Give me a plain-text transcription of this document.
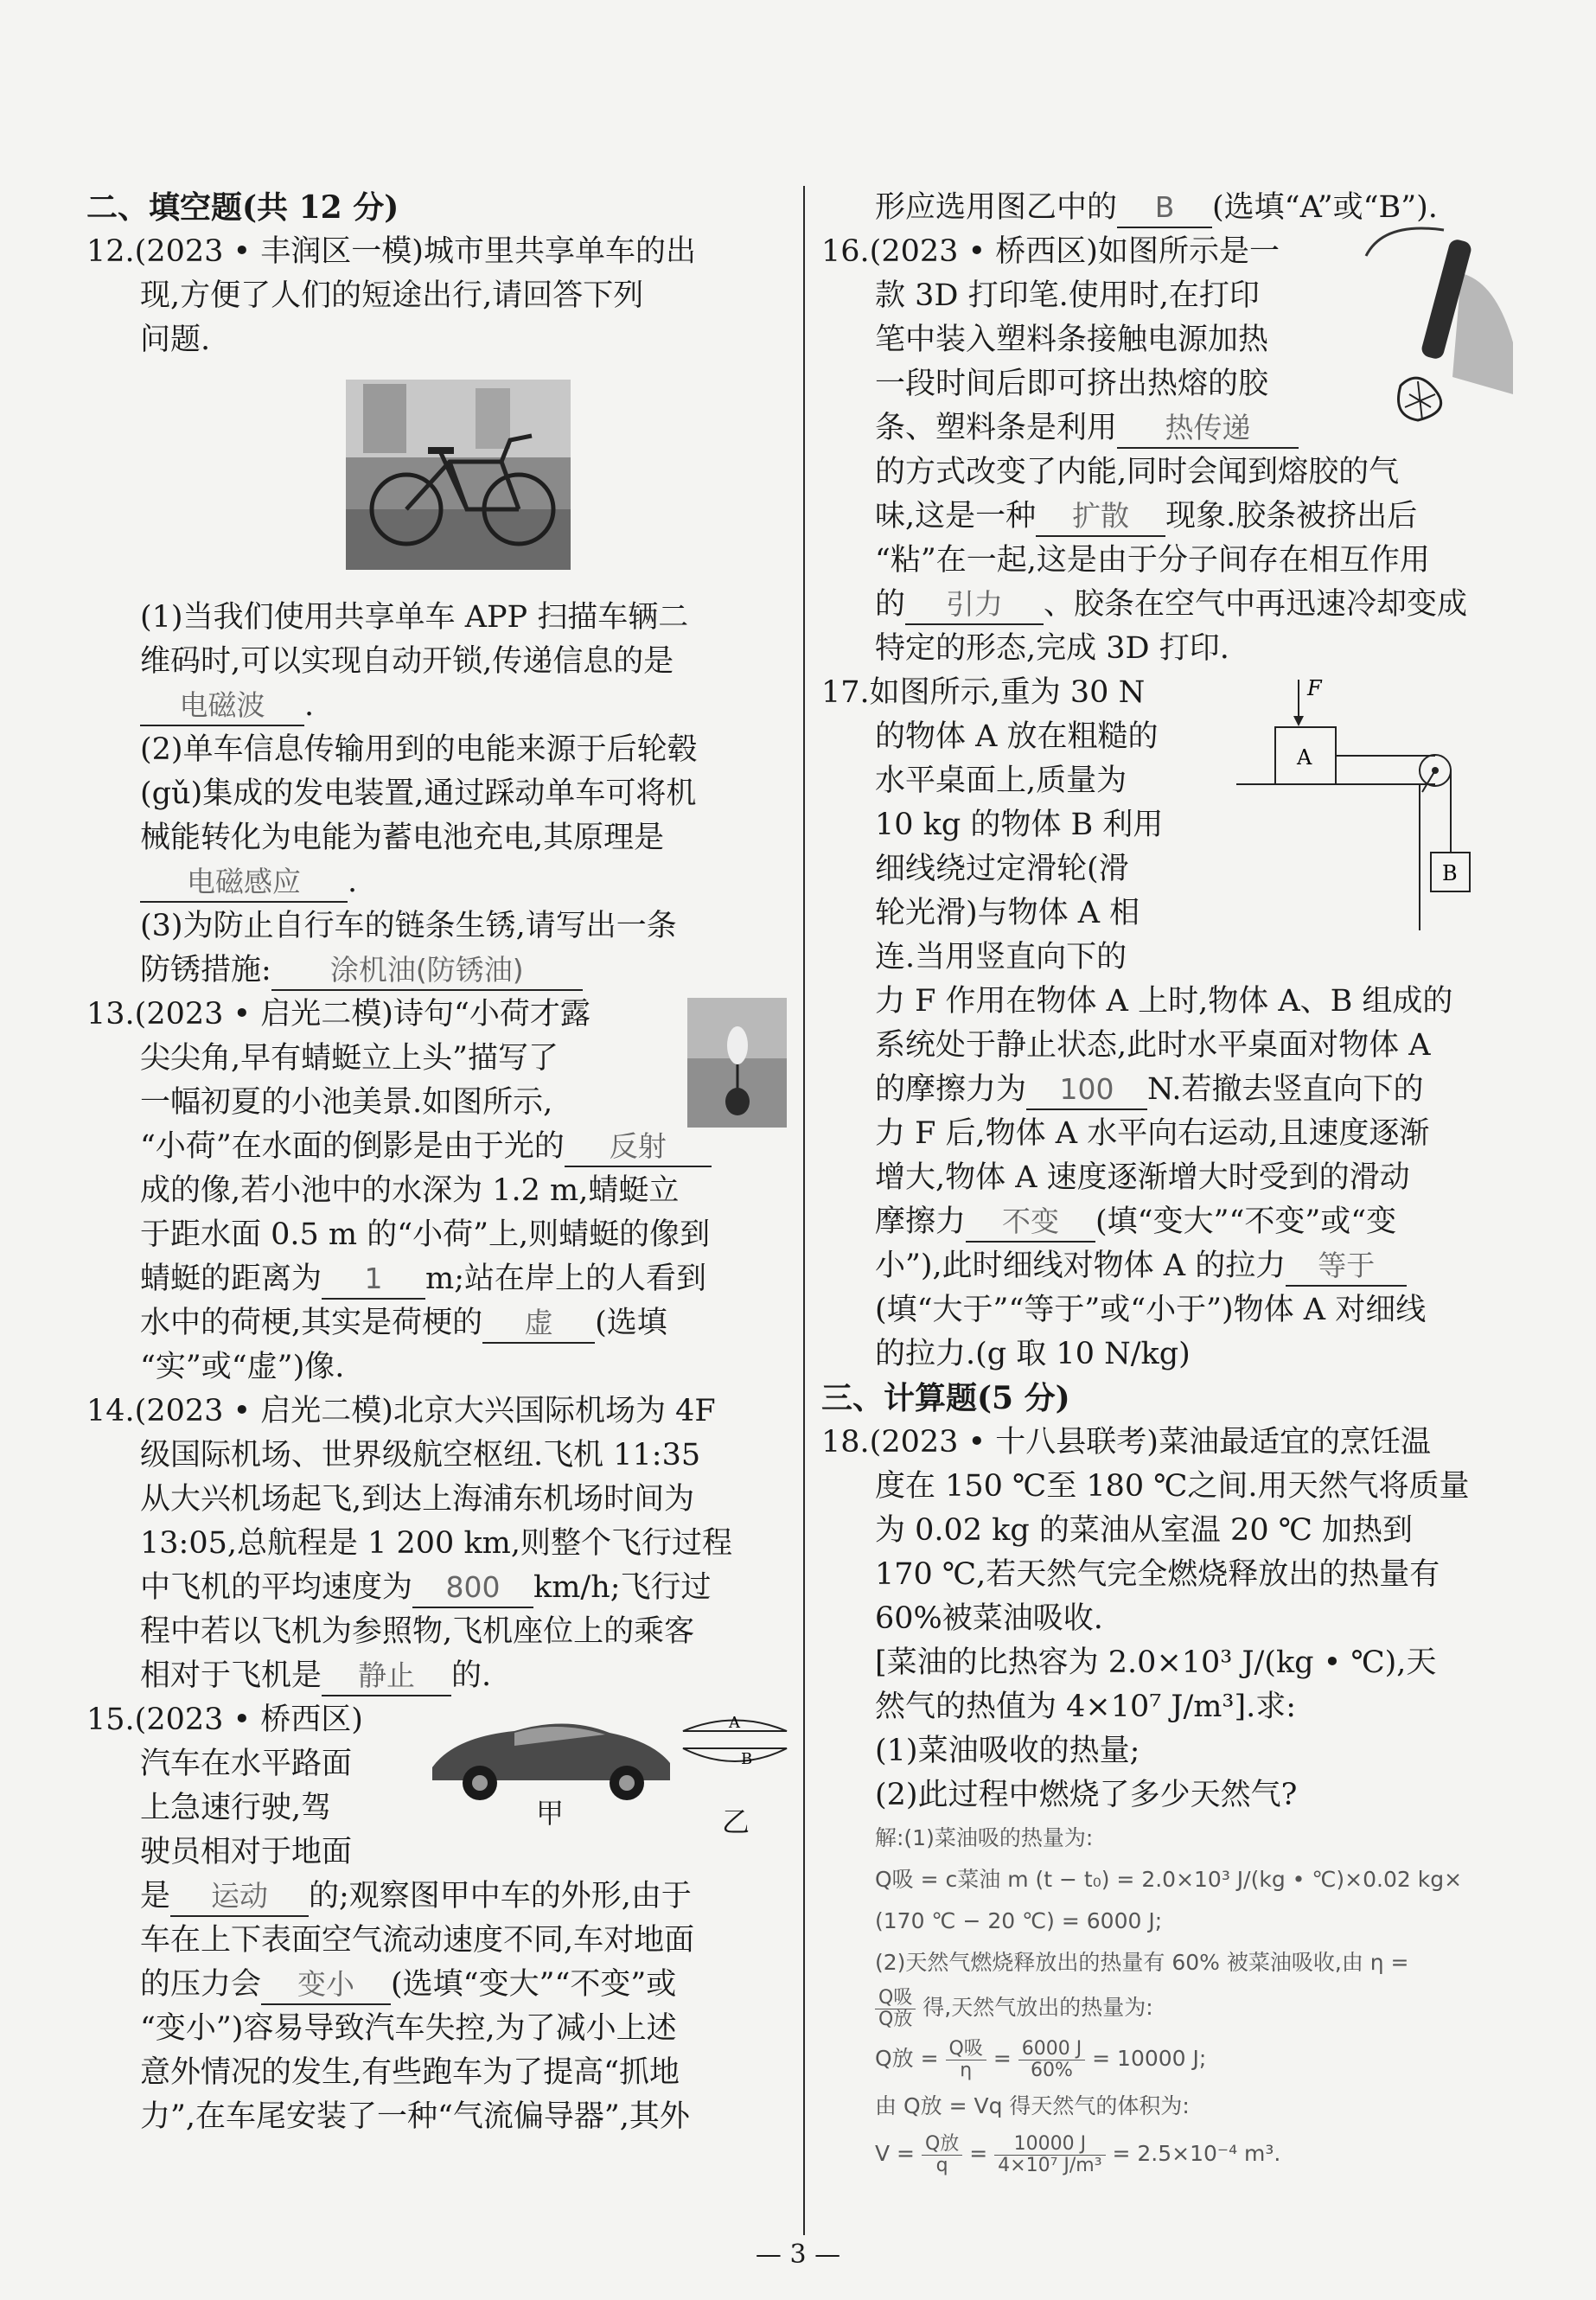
二、填空题(共 12 分)
12.(2023 • 丰润区一模)城市里共享单车的出
现,方便了人们的短途出行,请回答下列
问题.
(1)当我们使用共享单车 APP 扫描车辆二
维码时,可以实现自动开锁,传递信息的是
电磁波 .
(2)单车信息传输用到的电能来源于后轮毂
(gǔ)集成的发电装置,通过踩动单车可将机
械能转化为电能为蓄电池充电,其原理是
电磁感应 .
(3)为防止自行车的链条生锈,请写出一条
防锈措施: 涂机油(防锈油)
13.(2023 • 启光二模)诗句“小荷才露
尖尖角,早有蜻蜓立上头”描写了
一幅初夏的小池美景.如图所示,
“小荷”在水面的倒影是由于光的 反射
成的像,若小池中的水深为 1.2 m,蜻蜓立
于距水面 0.5 m 的“小荷”上,则蜻蜓的像到
蜻蜓的距离为 1 m;站在岸上的人看到
水中的荷梗,其实是荷梗的 虚 (选填
“实”或“虚”)像.
14.(2023 • 启光二模)北京大兴国际机场为 4F
级国际机场、世界级航空枢纽.飞机 11:35
从大兴机场起飞,到达上海浦东机场时间为
13:05,总航程是 1 200 km,则整个飞行过程
中飞机的平均速度为 800 km/h;飞行过
程中若以飞机为参照物,飞机座位上的乘客
相对于飞机是 静止 的.
A
B
甲	乙
15.(2023 • 桥西区)
汽车在水平路面
上急速行驶,驾
驶员相对于地面
是 运动 的;观察图甲中车的外形,由于
车在上下表面空气流动速度不同,车对地面
的压力会 变小 (选填“变大”“不变”或
“变小”)容易导致汽车失控,为了减小上述
意外情况的发生,有些跑车为了提高“抓地
力”,在车尾安装了一种“气流偏导器”,其外
形应选用图乙中的 B (选填“A”或“B”).
16.(2023 • 桥西区)如图所示是一
款 3D 打印笔.使用时,在打印
笔中装入塑料条接触电源加热
一段时间后即可挤出热熔的胶
条、塑料条是利用 热传递
的方式改变了内能,同时会闻到熔胶的气
味,这是一种 扩散 现象.胶条被挤出后
“粘”在一起,这是由于分子间存在相互作用
的 引力 、胶条在空气中再迅速冷却变成
特定的形态,完成 3D 打印.
F
A
B
17.如图所示,重为 30 N
的物体 A 放在粗糙的
水平桌面上,质量为
10 kg 的物体 B 利用
细线绕过定滑轮(滑
轮光滑)与物体 A 相
连.当用竖直向下的
力 F 作用在物体 A 上时,物体 A、B 组成的
系统处于静止状态,此时水平桌面对物体 A
的摩擦力为 100 N.若撤去竖直向下的
力 F 后,物体 A 水平向右运动,且速度逐渐
增大,物体 A 速度逐渐增大时受到的滑动
摩擦力 不变 (填“变大”“不变”或“变
小”),此时细线对物体 A 的拉力 等于
(填“大于”“等于”或“小于”)物体 A 对细线
的拉力.(g 取 10 N/kg)
三、计算题(5 分)
18.(2023 • 十八县联考)菜油最适宜的烹饪温
度在 150 ℃至 180 ℃之间.用天然气将质量
为 0.02 kg 的菜油从室温 20 ℃ 加热到
170 ℃,若天然气完全燃烧释放出的热量有
60%被菜油吸收.
[菜油的比热容为 2.0×10³ J/(kg • ℃),天
然气的热值为 4×10⁷ J/m³].求:
(1)菜油吸收的热量;
(2)此过程中燃烧了多少天然气?
解:(1)菜油吸的热量为:
Q吸 = c菜油 m (t − t₀) = 2.0×10³ J/(kg • ℃)×0.02 kg×
(170 ℃ − 20 ℃) = 6000 J;
(2)天然气燃烧释放出的热量有 60% 被菜油吸收,由 η =
$\frac{\text{Q吸}}{\text{Q放}}$ 得,天然气放出的热量为:
Q放 = $\frac{\text{Q吸}}{\eta} = \frac{6000 J}{60\%} = 10000$ J;
由 Q放 = Vq 得天然气的体积为:
$V = \frac{\text{Q放}}{q} = \frac{10000 J}{\text{4×10⁷ J/m³}} = 2.5\times 10^{-4}$ m³.
— 3 —
